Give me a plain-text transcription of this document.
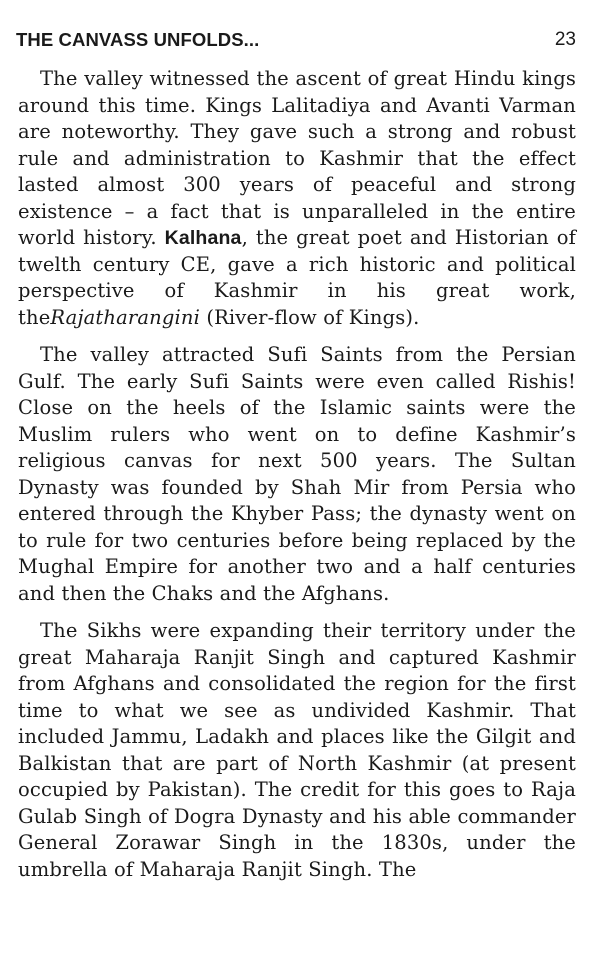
THE CANVASS UNFOLDS...	23

The valley witnessed the ascent of great Hindu kings around this time. Kings Lalitadiya and Avanti Varman are noteworthy. They gave such a strong and robust rule and administration to Kashmir that the effect lasted almost 300 years of peaceful and strong existence – a fact that is unparalleled in the entire world history. Kalhana, the great poet and Historian of twelth century CE, gave a rich historic and political perspective of Kashmir in his great work, theRajatharangini (River-flow of Kings).

The valley attracted Sufi Saints from the Persian Gulf. The early Sufi Saints were even called Rishis! Close on the heels of the Islamic saints were the Muslim rulers who went on to define Kashmir’s religious canvas for next 500 years. The Sultan Dynasty was founded by Shah Mir from Persia who entered through the Khyber Pass; the dynasty went on to rule for two centuries before being replaced by the Mughal Empire for another two and a half centuries and then the Chaks and the Afghans.

The Sikhs were expanding their territory under the great Maharaja Ranjit Singh and captured Kashmir from Afghans and consolidated the region for the first time to what we see as undivided Kashmir. That included Jammu, Ladakh and places like the Gilgit and Balkistan that are part of North Kashmir (at present occupied by Pakistan). The credit for this goes to Raja Gulab Singh of Dogra Dynasty and his able commander General Zorawar Singh in the 1830s, under the umbrella of Maharaja Ranjit Singh. The
